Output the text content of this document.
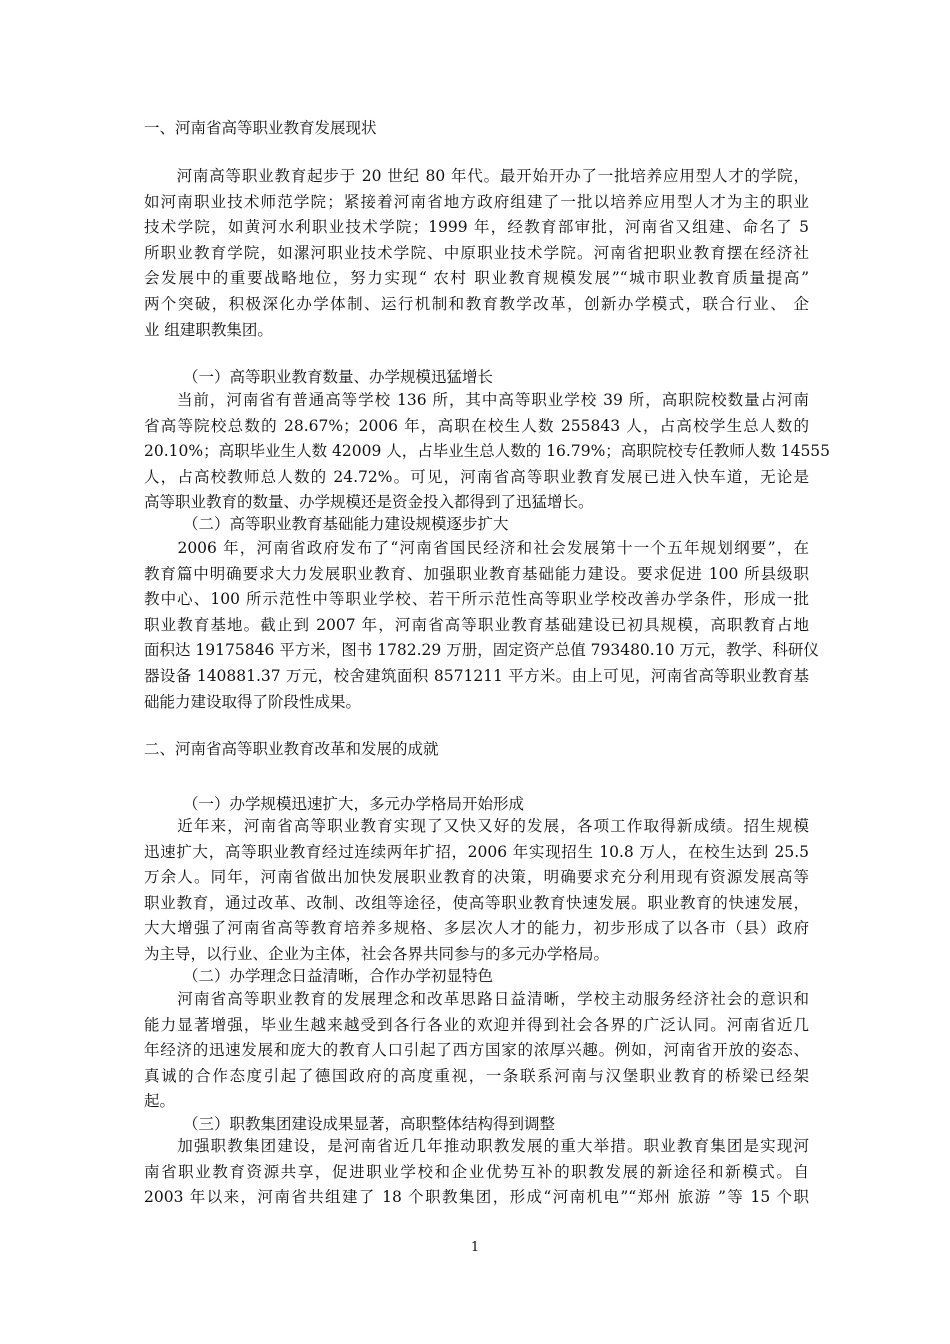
一、河南省高等职业教育发展现状
　　河南高等职业教育起步于 20 世纪 80 年代。最开始开办了一批培养应用型人才的学院，
如河南职业技术师范学院；紧接着河南省地方政府组建了一批以培养应用型人才为主的职业
技术学院，如黄河水利职业技术学院；1999 年，经教育部审批，河南省又组建、命名了 5
所职业教育学院，如漯河职业技术学院、中原职业技术学院。河南省把职业教育摆在经济社
会发展中的重要战略地位，努力实现“ 农村 职业教育规模发展”“城市职业教育质量提高”
两个突破，积极深化办学体制、运行机制和教育教学改革，创新办学模式，联合行业、 企
业 组建职教集团。
（一）高等职业教育数量、办学规模迅猛增长
　　当前，河南省有普通高等学校 136 所，其中高等职业学校 39 所，高职院校数量占河南
省高等院校总数的 28.67%；2006 年，高职在校生人数 255843 人，占高校学生总人数的
20.10%；高职毕业生人数 42009 人，占毕业生总人数的 16.79%；高职院校专任教师人数 14555
人，占高校教师总人数的 24.72%。可见，河南省高等职业教育发展已进入快车道，无论是
高等职业教育的数量、办学规模还是资金投入都得到了迅猛增长。
（二）高等职业教育基础能力建设规模逐步扩大
　　2006 年，河南省政府发布了“河南省国民经济和社会发展第十一个五年规划纲要”，在
教育篇中明确要求大力发展职业教育、加强职业教育基础能力建设。要求促进 100 所县级职
教中心、100 所示范性中等职业学校、若干所示范性高等职业学校改善办学条件，形成一批
职业教育基地。截止到 2007 年，河南省高等职业教育基础建设已初具规模，高职教育占地
面积达 19175846 平方米，图书 1782.29 万册，固定资产总值 793480.10 万元，教学、科研仪
器设备 140881.37 万元，校舍建筑面积 8571211 平方米。由上可见，河南省高等职业教育基
础能力建设取得了阶段性成果。
二、河南省高等职业教育改革和发展的成就
（一）办学规模迅速扩大，多元办学格局开始形成
　　近年来，河南省高等职业教育实现了又快又好的发展，各项工作取得新成绩。招生规模
迅速扩大，高等职业教育经过连续两年扩招，2006 年实现招生 10.8 万人，在校生达到 25.5
万余人。同年，河南省做出加快发展职业教育的决策，明确要求充分利用现有资源发展高等
职业教育，通过改革、改制、改组等途径，使高等职业教育快速发展。职业教育的快速发展，
大大增强了河南省高等教育培养多规格、多层次人才的能力，初步形成了以各市（县）政府
为主导，以行业、企业为主体，社会各界共同参与的多元办学格局。
（二）办学理念日益清晰，合作办学初显特色
　　河南省高等职业教育的发展理念和改革思路日益清晰，学校主动服务经济社会的意识和
能力显著增强，毕业生越来越受到各行各业的欢迎并得到社会各界的广泛认同。河南省近几
年经济的迅速发展和庞大的教育人口引起了西方国家的浓厚兴趣。例如，河南省开放的姿态、
真诚的合作态度引起了德国政府的高度重视，一条联系河南与汉堡职业教育的桥梁已经架
起。
（三）职教集团建设成果显著，高职整体结构得到调整
　　加强职教集团建设，是河南省近几年推动职教发展的重大举措。职业教育集团是实现河
南省职业教育资源共享，促进职业学校和企业优势互补的职教发展的新途径和新模式。自
2003 年以来，河南省共组建了 18 个职教集团，形成“河南机电”“郑州 旅游 ”等 15 个职
1
